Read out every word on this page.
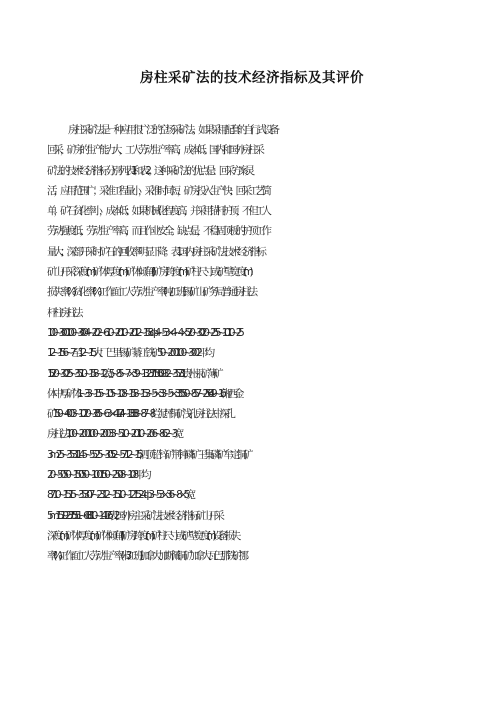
房柱采矿法的技术经济指标及其评价
房柱采矿法是一种应用很广泛的空场采矿法。如果采用配套的自行式设备
回采，矿房的生产能力大，工人劳动生产率高，成本低。 国内和国外房柱采
矿法的技术经济指标分别列表 1 和表 2。 这种采矿法的优点是：回采方案灵
活，应用范围广；采准工程量小，采准时间短，矿房投入生产快；回采工艺简
单，矿石贫化率小，成本低；如果机械化程度高，并采用锚杆护顶，不但工人
劳动强度低，劳动生产率高，而且作业安全。缺点是，不稳固顶板的护顶工作
量大；深部开采时矿石的回收率明显下降。表 1 国内房柱采矿法技术经济指标
矿山开采深度(m)矿体厚度(m)矿体倾角(°)矿房跨度(m)矿柱尺寸或矿壁宽度(m)
损失率(%)贫化率(%)工作面工人劳动生产率(吨/工班)锡矿山矿务局普通房柱法
杆柱房柱法
100~300100~3004~202~610~2010~2012~158ф4~53×4~4×520~3020~255~1010~25
12~156~7 至 12~15 大厂巴里锡矿綦江铁矿 50~200100~3002 平均
1.520~3025~3510~158~12 宽 5~85~7×39~1323.7156.0932~357.31 贵州汞矿薄矿
体中厚矿体 1~33~155~105~108~158~153~5×33~5×33550~857~256.49~16 湘西金
矿 150~4003~1020~385~63×417.4~13.83.8~87~8 烂泥坪铜矿浅孔房柱法中深孔
房柱法 100~200100~20033~510~2010~206~862~3 宽
3m25~3531.145~5525~305.2~5.712~15 泗顶铅锌矿荆钟磷矿王集磷矿牟定铜矿
20~5050~15050~100150~2508~108 平均
8710~1515~35307~2312~1510~121524ф3~53×36~8×5 宽
5m151923.75.55.1~68.810~1417.6 表 2 国外房主采矿法技术经济指标矿山开采
深度(m)矿体厚度(m)矿体倾角(°)矿房跨度(m)矿柱尺寸或矿壁宽度(m)设备损失
率(%)工作面工人劳动生产率(米 3/工班)加拿大加斯佩铜矿加拿大瓦巴那铁矿挪
